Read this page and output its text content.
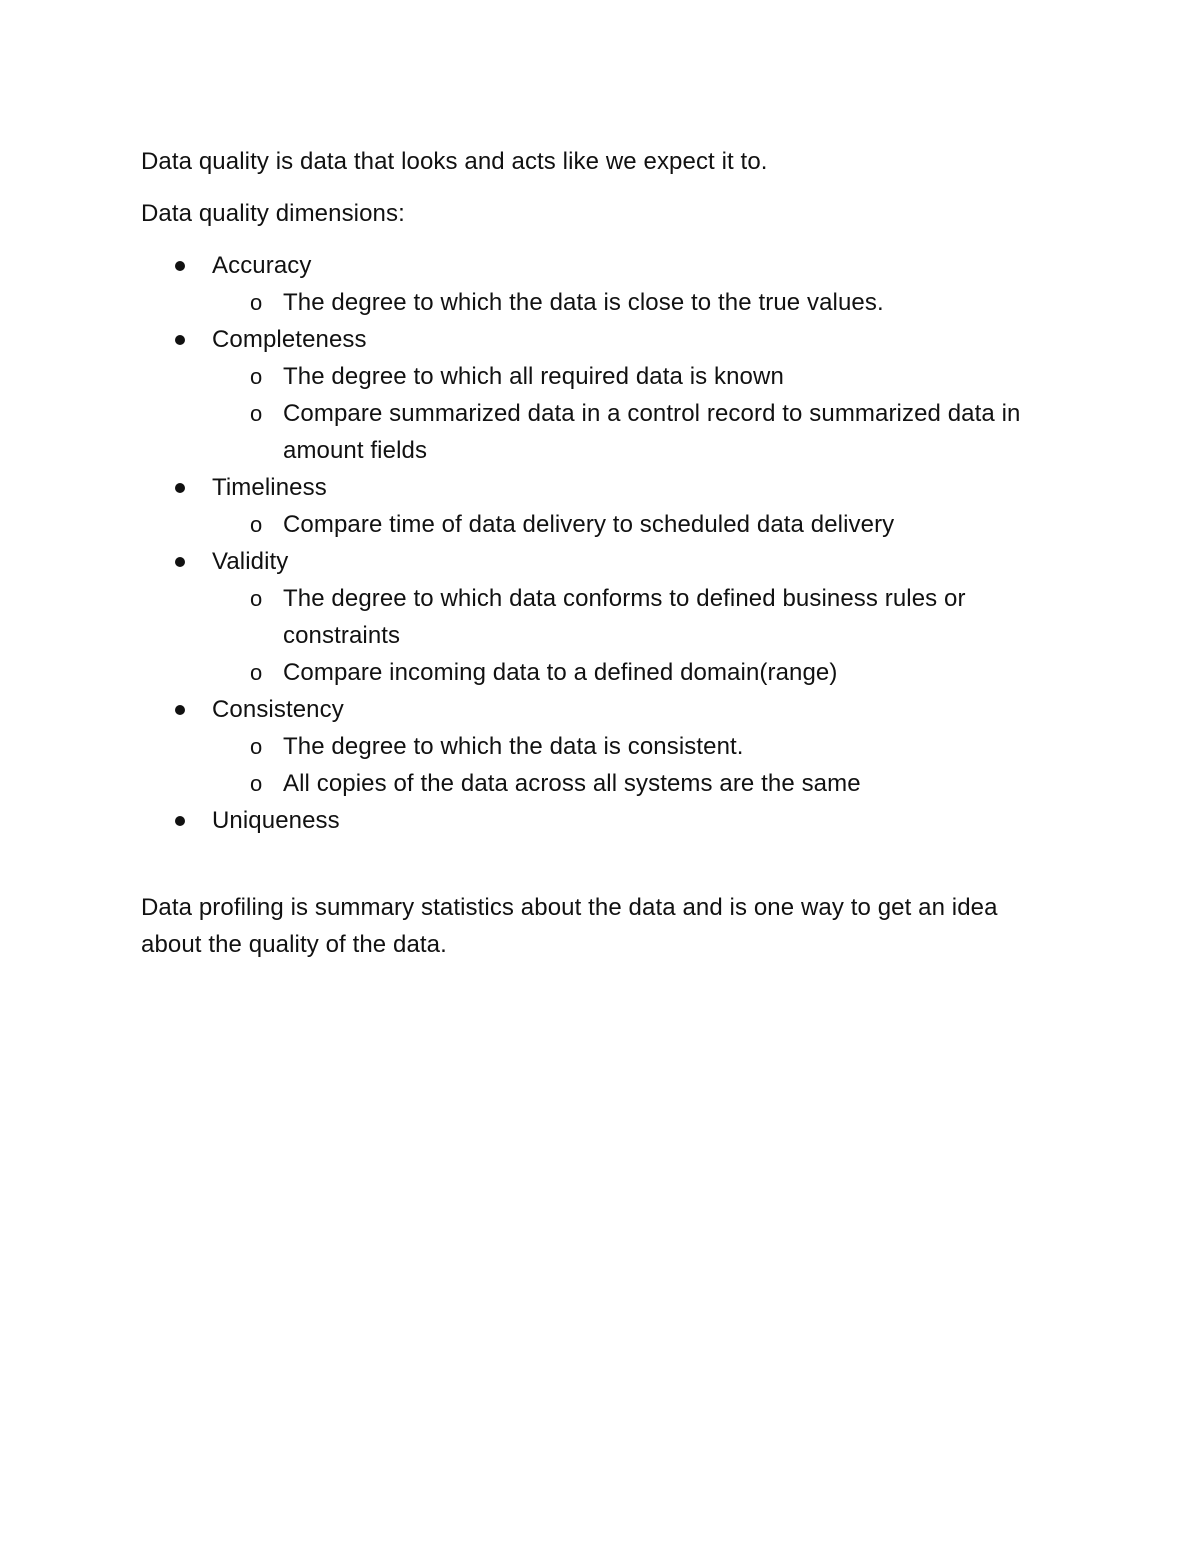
Data quality is data that looks and acts like we expect it to.

Data quality dimensions:

Accuracy
o The degree to which the data is close to the true values.
Completeness
o The degree to which all required data is known
o Compare summarized data in a control record to summarized data in amount fields
Timeliness
o Compare time of data delivery to scheduled data delivery
Validity
o The degree to which data conforms to defined business rules or constraints
o Compare incoming data to a defined domain(range)
Consistency
o The degree to which the data is consistent.
o All copies of the data across all systems are the same
Uniqueness

Data profiling is summary statistics about the data and is one way to get an idea about the quality of the data.
